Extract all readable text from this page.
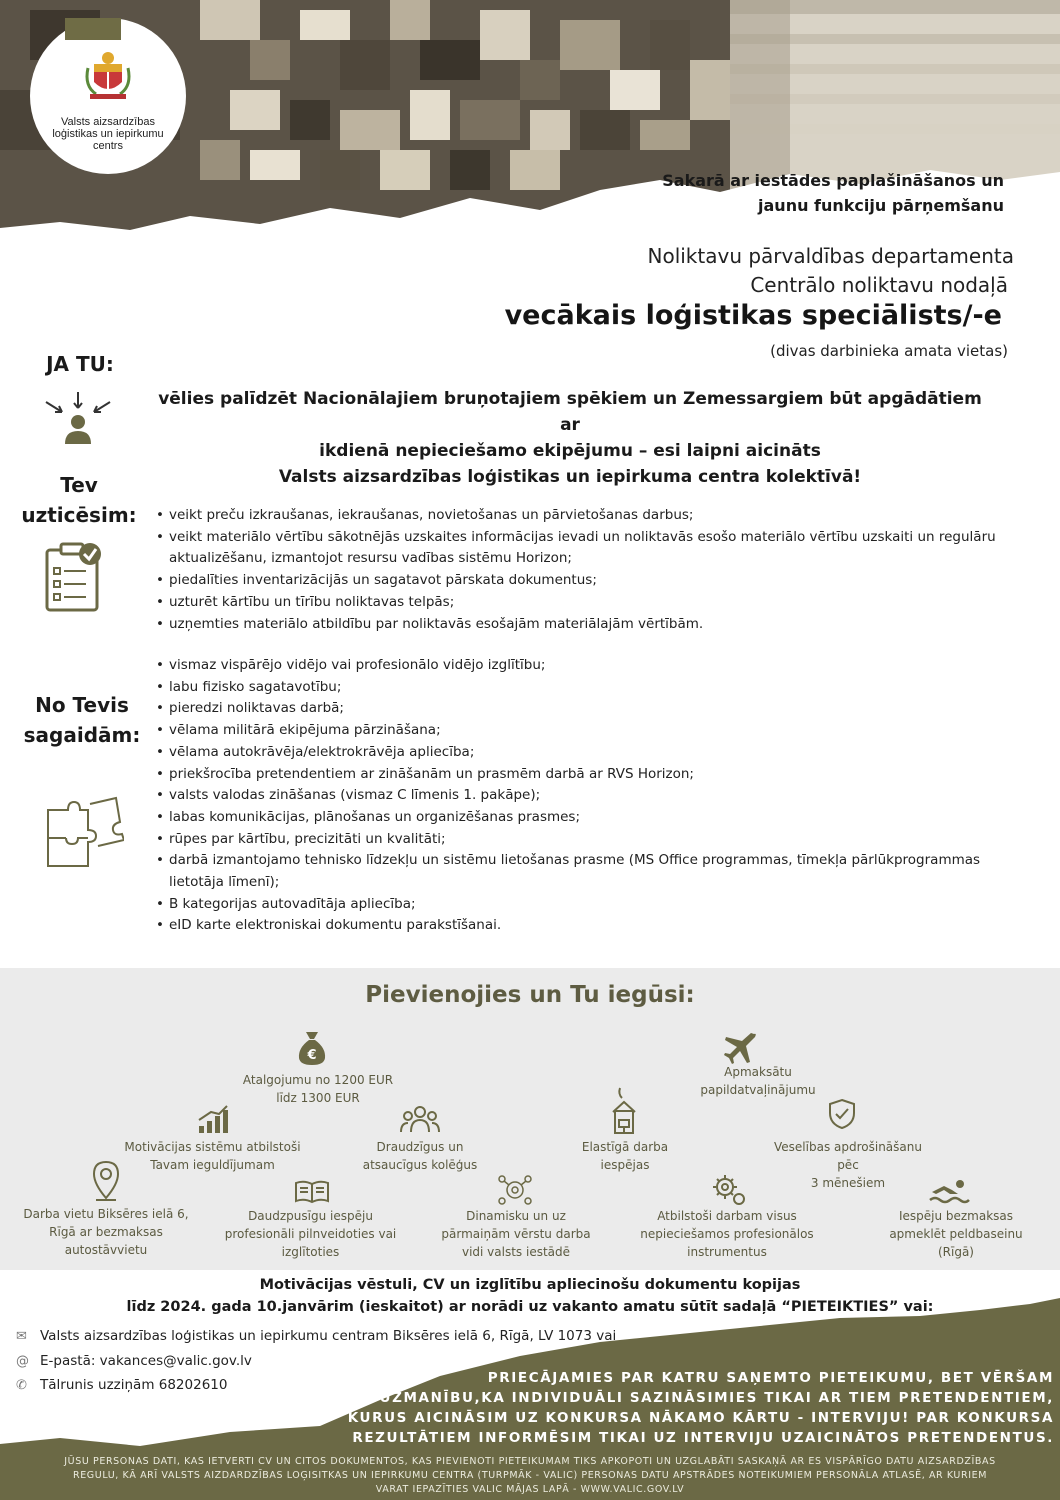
Valsts aizsardzības loģistikas un iepirkumu centrs
Sakarā ar iestādes paplašināšanos un
jaunu funkciju pārņemšanu
Noliktavu pārvaldības departamenta
Centrālo noliktavu nodaļā
vecākais loģistikas speciālists/-e
(divas darbinieka amata vietas)
JA TU:
Tev
uzticēsim:
No Tevis
sagaidām:
vēlies palīdzēt Nacionālajiem bruņotajiem spēkiem un Zemessargiem būt apgādātiem ar
ikdienā nepieciešamo ekipējumu – esi laipni aicināts
Valsts aizsardzības loģistikas un iepirkuma centra kolektīvā!
• veikt preču izkraušanas, iekraušanas, novietošanas un pārvietošanas darbus;
• veikt materiālo vērtību sākotnējās uzskaites informācijas ievadi un noliktavās esošo materiālo vērtību uzskaiti un regulāru aktualizēšanu, izmantojot resursu vadības sistēmu Horizon;
• piedalīties inventarizācijās un sagatavot pārskata dokumentus;
• uzturēt kārtību un tīrību noliktavas telpās;
• uzņemties materiālo atbildību par noliktavās esošajām materiālajām vērtībām.
• vismaz vispārējo vidējo vai profesionālo vidējo izglītību;
• labu fizisko sagatavotību;
• pieredzi noliktavas darbā;
• vēlama militārā ekipējuma pārzināšana;
• vēlama autokrāvēja/elektrokrāvēja apliecība;
• priekšrocība pretendentiem ar zināšanām un prasmēm darbā ar RVS Horizon;
• valsts valodas zināšanas (vismaz C līmenis 1. pakāpe);
• labas komunikācijas, plānošanas un organizēšanas prasmes;
• rūpes par kārtību, precizitāti un kvalitāti;
• darbā izmantojamo tehnisko līdzekļu un sistēmu lietošanas prasme (MS Office programmas, tīmekļa pārlūkprogrammas lietotāja līmenī);
• B kategorijas autovadītāja apliecība;
• eID karte elektroniskai dokumentu parakstīšanai.
Pievienojies un Tu iegūsi:
€
Atalgojumu no 1200 EUR
līdz 1300 EUR
Apmaksātu
papildatvaļinājumu
Motivācijas sistēmu atbilstoši
Tavam ieguldījumam
Draudzīgus un
atsaucīgus kolēģus
Elastīgā darba
iespējas
Veselības apdrošināšanu
pēc
3 mēnešiem
Darba vietu Biksēres ielā 6,
Rīgā ar bezmaksas
autostāvvietu
Daudzpusīgu iespēju
profesionāli pilnveidoties vai
izglītoties
Dinamisku un uz
pārmaiņām vērstu darba
vidi valsts iestādē
Atbilstoši darbam visus
nepieciešamos profesionālos
instrumentus
Iespēju bezmaksas
apmeklēt peldbaseinu
(Rīgā)
Motivācijas vēstuli, CV un izglītību apliecinošu dokumentu kopijas
līdz 2024. gada 10.janvārim (ieskaitot) ar norādi uz vakanto amatu sūtīt sadaļā “PIETEIKTIES” vai:
✉ Valsts aizsardzības loģistikas un iepirkumu centram Biksēres ielā 6, Rīgā, LV 1073 vai
@ E-pastā: vakances@valic.gov.lv
✆ Tālrunis uzziņām 68202610	PRIECĀJAMIES PAR KATRU SAŅEMTO PIETEIKUMU, BET VĒRŠAM
UZMANĪBU,KA INDIVIDUĀLI SAZINĀSIMIES TIKAI AR TIEM PRETENDENTIEM,
KURUS AICINĀSIM UZ KONKURSA NĀKAMO KĀRTU - INTERVIJU! PAR KONKURSA
REZULTĀTIEM INFORMĒSIM TIKAI UZ INTERVIJU UZAICINĀTOS PRETENDENTUS.
JŪSU PERSONAS DATI, KAS IETVERTI CV UN CITOS DOKUMENTOS, KAS PIEVIENOTI PIETEIKUMAM TIKS APKOPOTI UN UZGLABĀTI SASKAŅĀ AR ES VISPĀRĪGO DATU AIZSARDZĪBAS
REGULU, KĀ ARĪ VALSTS AIZDARDZĪBAS LOĢISITKAS UN IEPIRKUMU CENTRA (TURPMĀK - VALIC) PERSONAS DATU APSTRĀDES NOTEIKUMIEM PERSONĀLA ATLASĒ, AR KURIEM
VARAT IEPAZĪTIES VALIC MĀJAS LAPĀ - WWW.VALIC.GOV.LV
